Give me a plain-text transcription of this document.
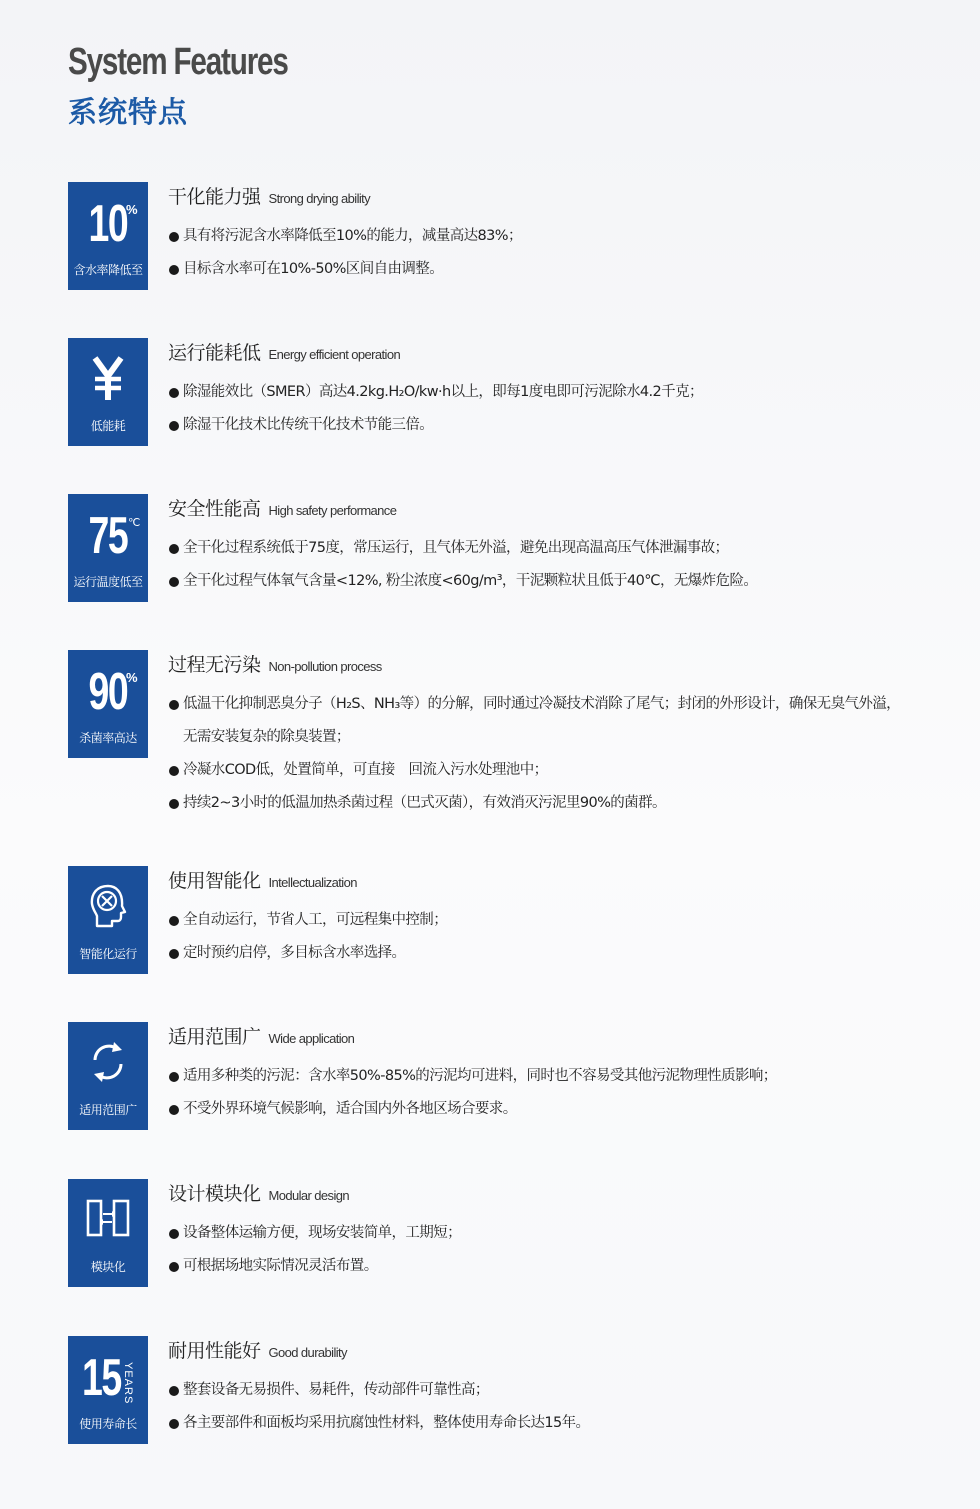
System Features
系统特点
10
%
含水率降低至
干化能力强 Strong drying ability
具有将污泥含水率降低至10%的能力，减量高达83%；
目标含水率可在10%-50%区间自由调整。
低能耗
运行能耗低 Energy efficient operation
除湿能效比（SMER）高达4.2kg.H₂O/kw·h以上，即每1度电即可污泥除水4.2千克；
除湿干化技术比传统干化技术节能三倍。
75 ℃
运行温度低至
安全性能高 High safety performance
全干化过程系统低于75度，常压运行，且气体无外溢，避免出现高温高压气体泄漏事故；
全干化过程气体氧气含量<12%, 粉尘浓度<60g/m³，干泥颗粒状且低于40℃，无爆炸危险。
90
%
杀菌率高达
过程无污染 Non-pollution process
低温干化抑制恶臭分子（H₂S、NH₃等）的分解，同时通过冷凝技术消除了尾气；封闭的外形设计，确保无臭气外溢，
无需安装复杂的除臭装置；
冷凝水COD低，处置简单，可直接　回流入污水处理池中；
持续2~3小时的低温加热杀菌过程（巴式灭菌），有效消灭污泥里90%的菌群。
智能化运行
使用智能化 Intellectualization
全自动运行，节省人工，可远程集中控制；
定时预约启停，多目标含水率选择。
适用范围广
适用范围广 Wide application
适用多种类的污泥：含水率50%-85%的污泥均可进料，同时也不容易受其他污泥物理性质影响；
不受外界环境气候影响，适合国内外各地区场合要求。
模块化
设计模块化 Modular design
设备整体运输方便，现场安装简单，工期短；
可根据场地实际情况灵活布置。
15 YEARS
使用寿命长
耐用性能好 Good durability
整套设备无易损件、易耗件，传动部件可靠性高；
各主要部件和面板均采用抗腐蚀性材料，整体使用寿命长达15年。
